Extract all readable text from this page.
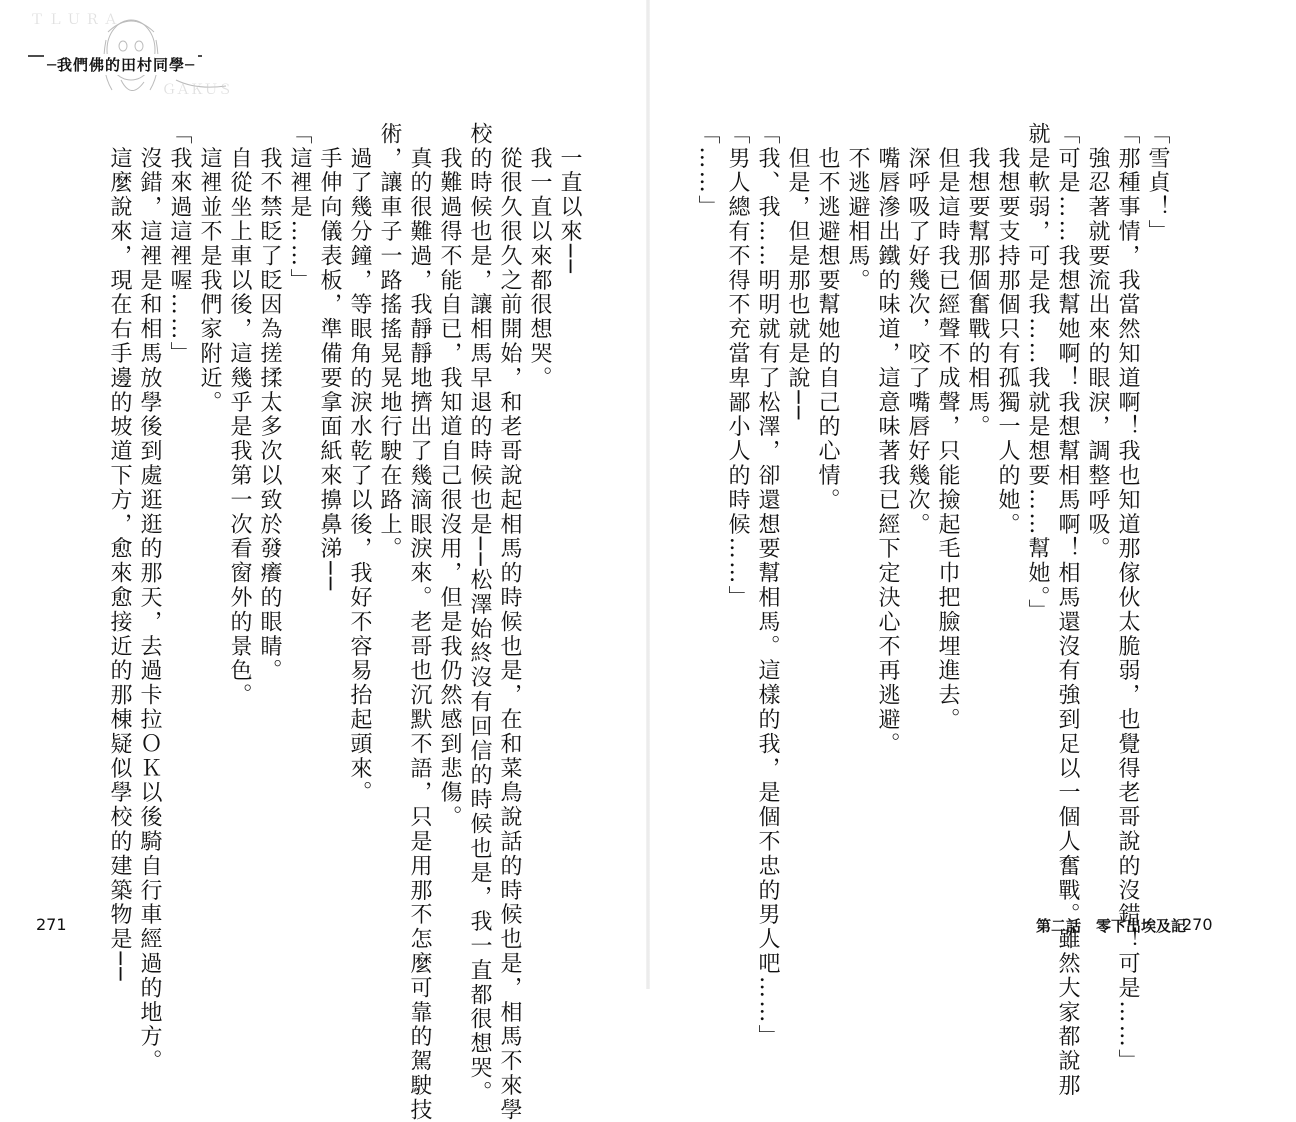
Ｔ Ｌ Ｕ Ｒ Ａ
ＧＡＫＵＳ
─我們佛的田村同學─

「雪貞！」

「那種事情，我當然知道啊！我也知道那傢伙太脆弱，也覺得老哥說的沒錯！可是……」

　強忍著就要流出來的眼淚，調整呼吸。

「可是……我想幫她啊！我想幫相馬啊！相馬還沒有強到足以一個人奮戰。雖然大家都說那

就是軟弱，可是我……我就是想要……幫她。」

　我想要支持那個只有孤獨一人的她。

　我想要幫那個奮戰的相馬。

　但是這時我已經聲不成聲，只能撿起毛巾把臉埋進去。

　深呼吸了好幾次，咬了嘴唇好幾次。

　嘴唇滲出鐵的味道，這意味著我已經下定決心不再逃避。

　不逃避相馬。

　也不逃避想要幫她的自己的心情。

　但是，但是那也就是說──

「我、我……明明就有了松澤，卻還想要幫相馬。這樣的我，是個不忠的男人吧……」

「男人總有不得不充當卑鄙小人的時候……」

「……」

　一直以來──

　我一直以來都很想哭。

　從很久很久之前開始，和老哥說起相馬的時候也是，在和菜鳥說話的時候也是，相馬不來學

校的時候也是，讓相馬早退的時候也是──松澤始終沒有回信的時候也是，我一直都很想哭。

　我難過得不能自已，我知道自己很沒用，但是我仍然感到悲傷。

　真的很難過，我靜靜地擠出了幾滴眼淚來。老哥也沉默不語，只是用那不怎麼可靠的駕駛技

術，讓車子一路搖搖晃晃地行駛在路上。

　過了幾分鐘，等眼角的淚水乾了以後，我好不容易抬起頭來。

　手伸向儀表板，準備要拿面紙來擤鼻涕──

「這裡是……」

　我不禁眨了眨因為搓揉太多次以致於發癢的眼睛。

　自從坐上車以後，這幾乎是我第一次看窗外的景色。

　這裡並不是我們家附近。

「我來過這裡喔……」

　沒錯，這裡是和相馬放學後到處逛逛的那天，去過卡拉ＯＫ以後騎自行車經過的地方。

　這麼說來，現在右手邊的坡道下方，愈來愈接近的那棟疑似學校的建築物是──

271	第二話　零下出埃及記
270
